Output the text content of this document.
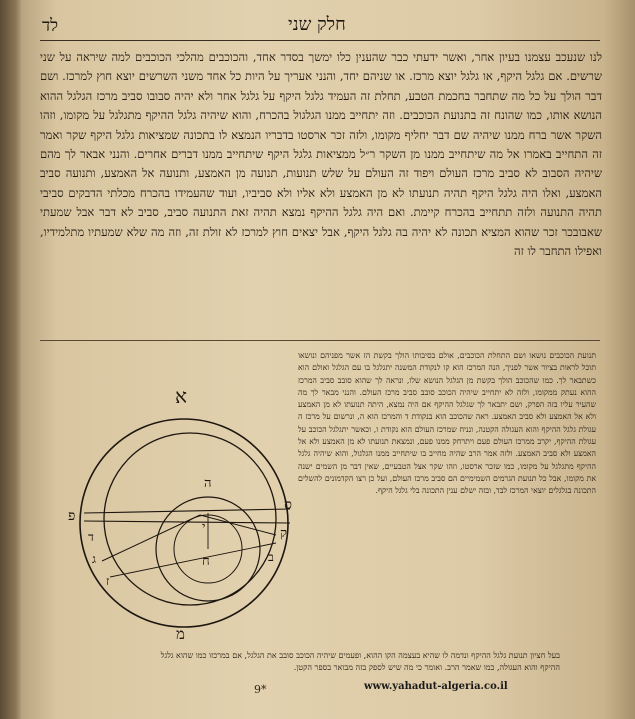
לד	חלק שני

לנו שנעכב עצמנו בעיון אחר, ואשר ידעתי כבר שהענין כלו ימשך בסדר אחד, והכוכבים מהלכי הכוכבים למה שיראה על שני שרשים. אם גלגל היקף, או גלגל יוצא מרכז. או שניהם יחד, והנני אעריך על היות כל אחד משני השרשים יוצא חוץ למרכז. ושם דבר הולך על כל מה שתחבר בחכמת הטבע, תחלת זה העמיד גלגל היקף על גלגל אחר ולא יהיה סבובו סביב מרכז הגלגל ההוא הנושא אותו, כמו שהונח זה בתנועת הכוכבים. וזה יתחייב ממנו הגלגול בהכרח, והוא שיהיה גלגל ההיקף מתגלגל על מקומו, וזהו השקר אשר ברח ממנו שיהיה שם דבר יחליף מקומו, ולזה זכר ארסטו בדבריו הנמצא לו בתכונה שמציאות גלגל היקף שקר ואמר זה התחייב באמרו אל מה שיתחייב ממנו מן השקר ר״ל ממציאות גלגל היקף שיתחייב ממנו דברים אחרים. והנני אבאר לך מהם שיהיה הסבוב לא סביב מרכז העולם ויפוד זה העולם על שלש תנועות, תנועה מן האמצע, ותנועה אל האמצע, ותנועה סביב האמצע, ואלו היה גלגל היקף תהיה תנועתו לא מן האמצע ולא אליו ולא סביביו, ועוד שהעמידו בהכרח מכלתי הדבקים סביבי תהיה התנועה ולזה תתחייב בהכרח קיימת. ואם היה גלגל ההיקף נמצא תהיה זאת התנועה סביב, סביב לא דבר אבל שמעתי שאבובכר זכר שהוא המציא תכונה לא יהיה בה גלגל היקף, אבל יצאים חוץ למרכז לא זולת זה, וזה מה שלא שמעתיו מתלמידיו, ואפילו התחבר לו זה

תנועת הכוכבים נושאו ושם התחלת הכוכבים, אולם בסיבותו הולך בקשת הז אשר מפניהם ונושאו תוכל לראות בציור אשר לפניך, הנה המרכז הוא קו לנקודת המשנה יתגלגל בו עם הגלגל ואולם הוא כשתבאר לך. כמו שהכוכב הולך בקשת מן הגלגל הנושא שלו, ונראה לך שהוא סובב סביב המרכז ההוא נעתק ממקומו, ולזה לא יתחייב שיהיה הכוכב סובב סביב מרכז העולם. והנני מבאר לך מה שהעיר עליו בזה הפרק, ושם יתבאר לך שגלגל ההיקף אם היה נמצא, היתה תנועתו לא מן האמצע ולא אל האמצע ולא סביב האמצע. ראה שהכוכב הוא בנקודת ד והמרכז הוא ה, ונרשום על מרכז ה עגולת גלגל ההיקף והוא העגולה הקטנה, ונניח שמרכז העולם הוא נקודת ו, וכאשר יתגלגל הכוכב על עגולת ההיקף, יקרב ממרכז העולם פעם ויתרחק ממנו פעם, ונמצאת תנועתו לא מן האמצע ולא אל האמצע ולא סביב האמצע. ולזה אמר הרב שהיה מחייב בו שיתחייב ממנו הגלגול, והוא שיהיה גלגל ההיקף מתגלגל על מקומו, כמו שזכר ארסטו, וזהו שקר אצל הטבעיים, שאין דבר מן השמים ישנה את מקומו, אבל כל תנועת הגרמים השמימיים הם סביב מרכז העולם, ועל כן רצו הקדמונים להשלים התכונה בגלגלים יוצאי המרכז לבד, ובזה ישלם ענין התכונה בלי גלגל היקף.

א
פ
ס
ק
ה
י
ח
ד
ג
ז
ב
מ

בעל חציון תנועת גלגל ההיקף ונדמה לו שהיא בעצמה הקו ההוא, ופעמים שיהיה הכוכב סובב את הגלגל, אם במרכזו כמו שהוא גלגל ההיקף והוא העגולה, כמו שאמר הרב. ואומר כי מה שיש לספק בזה מבואר בספר הקטן.

9*	www.yahadut-algeria.co.il
